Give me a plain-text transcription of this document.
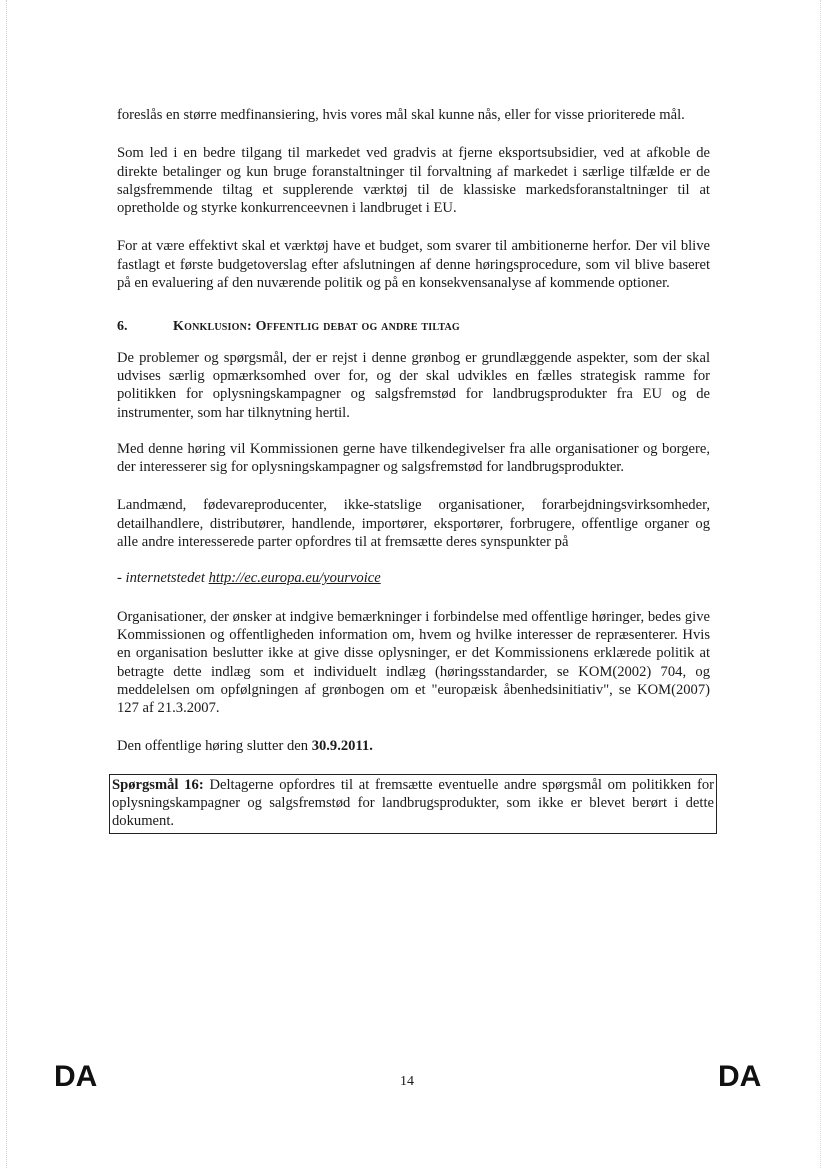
foreslås en større medfinansiering, hvis vores mål skal kunne nås, eller for visse prioriterede mål.

Som led i en bedre tilgang til markedet ved gradvis at fjerne eksportsubsidier, ved at afkoble de direkte betalinger og kun bruge foranstaltninger til forvaltning af markedet i særlige tilfælde er de salgsfremmende tiltag et supplerende værktøj til de klassiske markedsforanstaltninger til at opretholde og styrke konkurrenceevnen i landbruget i EU.

For at være effektivt skal et værktøj have et budget, som svarer til ambitionerne herfor. Der vil blive fastlagt et første budgetoverslag efter afslutningen af denne høringsprocedure, som vil blive baseret på en evaluering af den nuværende politik og på en konsekvensanalyse af kommende optioner.

6.	Konklusion: Offentlig debat og andre tiltag

De problemer og spørgsmål, der er rejst i denne grønbog er grundlæggende aspekter, som der skal udvises særlig opmærksomhed over for, og der skal udvikles en fælles strategisk ramme for politikken for oplysningskampagner og salgsfremstød for landbrugsprodukter fra EU og de instrumenter, som har tilknytning hertil.

Med denne høring vil Kommissionen gerne have tilkendegivelser fra alle organisationer og borgere, der interesserer sig for oplysningskampagner og salgsfremstød for landbrugsprodukter.

Landmænd, fødevareproducenter, ikke-statslige organisationer, forarbejdningsvirksomheder, detailhandlere, distributører, handlende, importører, eksportører, forbrugere, offentlige organer og alle andre interesserede parter opfordres til at fremsætte deres synspunkter på

- internetstedet http://ec.europa.eu/yourvoice

Organisationer, der ønsker at indgive bemærkninger i forbindelse med offentlige høringer, bedes give Kommissionen og offentligheden information om, hvem og hvilke interesser de repræsenterer. Hvis en organisation beslutter ikke at give disse oplysninger, er det Kommissionens erklærede politik at betragte dette indlæg som et individuelt indlæg (høringsstandarder, se KOM(2002) 704, og meddelelsen om opfølgningen af grønbogen om et "europæisk åbenhedsinitiativ", se KOM(2007) 127 af 21.3.2007.

Den offentlige høring slutter den 30.9.2011.

Spørgsmål 16: Deltagerne opfordres til at fremsætte eventuelle andre spørgsmål om politikken for oplysningskampagner og salgsfremstød for landbrugsprodukter, som ikke er blevet berørt i dette dokument.
DA	14	DA
